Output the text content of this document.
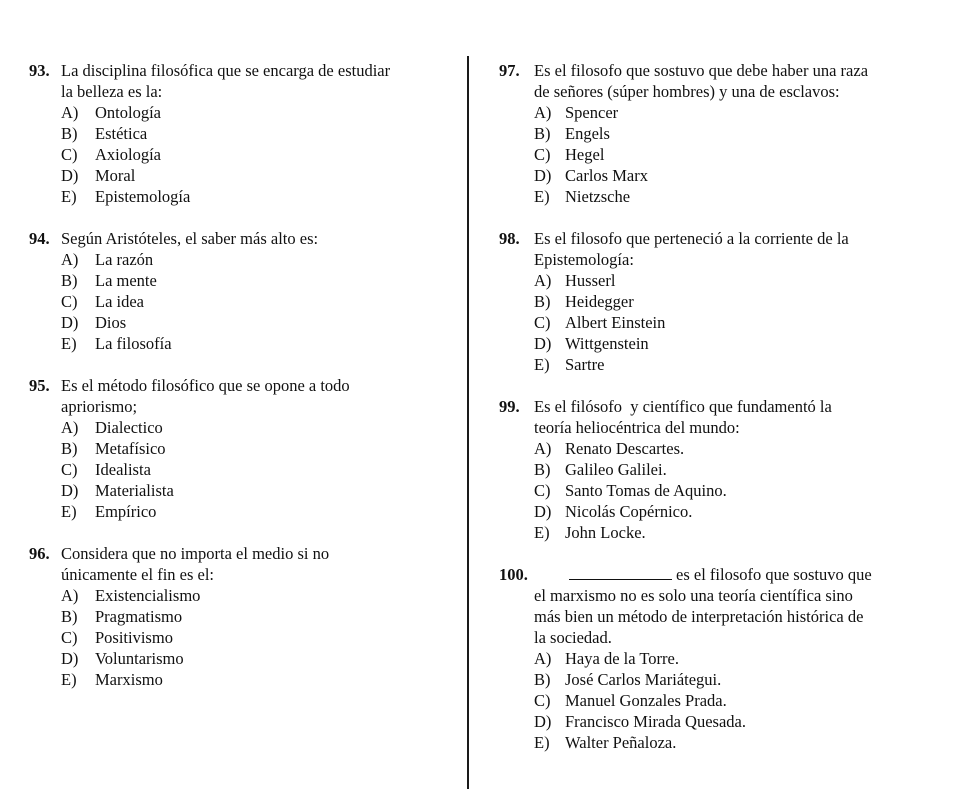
93. La disciplina filosófica que se encarga de estudiar
la belleza es la:
A)	Ontología
B)	Estética
C)	Axiología
D)	Moral
E)	Epistemología
94. Según Aristóteles, el saber más alto es:
A)	La razón
B)	La mente
C)	La idea
D)	Dios
E)	La filosofía
95. Es el método filosófico que se opone a todo
apriorismo;
A)	Dialectico
B)	Metafísico
C)	Idealista
D)	Materialista
E)	Empírico
96. Considera que no importa el medio si no
únicamente el fin es el:
A)	Existencialismo
B)	Pragmatismo
C)	Positivismo
D)	Voluntarismo
E)	Marxismo
97. Es el filosofo que sostuvo que debe haber una raza
de señores (súper hombres) y una de esclavos:
A) Spencer
B) Engels
C) Hegel
D) Carlos Marx
E) Nietzsche
98. Es el filosofo que perteneció a la corriente de la
Epistemología:
A) Husserl
B) Heidegger
C) Albert Einstein
D) Wittgenstein
E) Sartre
99. Es el filósofo  y científico que fundamentó la
teoría heliocéntrica del mundo:
A) Renato Descartes.
B) Galileo Galilei.
C) Santo Tomas de Aquino.
D) Nicolás Copérnico.
E) John Locke.
100.	es el filosofo que sostuvo que
el marxismo no es solo una teoría científica sino
más bien un método de interpretación histórica de
la sociedad.
A) Haya de la Torre.
B) José Carlos Mariátegui.
C) Manuel Gonzales Prada.
D) Francisco Mirada Quesada.
E) Walter Peñaloza.
